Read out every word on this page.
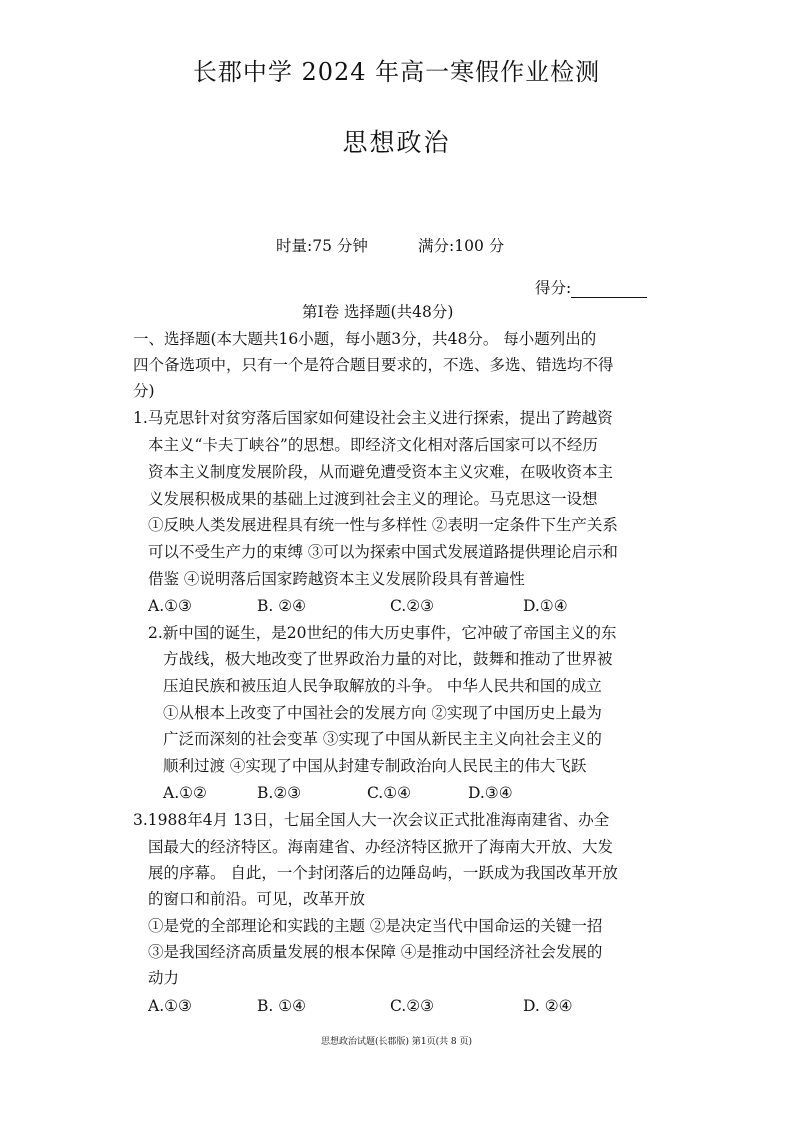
长郡中学 2024 年高一寒假作业检测
思想政治
时量:75 分钟	满分:100 分
得分:
第Ⅰ卷 选择题(共48分)
一、选择题(本大题共16小题，每小题3分，共48分。 每小题列出的
四个备选项中，只有一个是符合题目要求的，不选、多选、错选均不得
分)
1.马克思针对贫穷落后国家如何建设社会主义进行探索，提出了跨越资
本主义“卡夫丁峡谷”的思想。即经济文化相对落后国家可以不经历
资本主义制度发展阶段，从而避免遭受资本主义灾难，在吸收资本主
义发展积极成果的基础上过渡到社会主义的理论。马克思这一设想
①反映人类发展进程具有统一性与多样性 ②表明一定条件下生产关系
可以不受生产力的束缚 ③可以为探索中国式发展道路提供理论启示和
借鉴 ④说明落后国家跨越资本主义发展阶段具有普遍性
A.①③	B. ②④	C.②③	D.①④
2.新中国的诞生，是20世纪的伟大历史事件，它冲破了帝国主义的东
方战线，极大地改变了世界政治力量的对比，鼓舞和推动了世界被
压迫民族和被压迫人民争取解放的斗争。 中华人民共和国的成立
①从根本上改变了中国社会的发展方向 ②实现了中国历史上最为
广泛而深刻的社会变革 ③实现了中国从新民主主义向社会主义的
顺利过渡 ④实现了中国从封建专制政治向人民民主的伟大飞跃
A.①②	B.②③	C.①④	D.③④
3.1988年4月 13日，七届全国人大一次会议正式批准海南建省、办全
国最大的经济特区。海南建省、办经济特区掀开了海南大开放、大发
展的序幕。 自此，一个封闭落后的边陲岛屿，一跃成为我国改革开放
的窗口和前沿。可见，改革开放
①是党的全部理论和实践的主题 ②是决定当代中国命运的关键一招
③是我国经济高质量发展的根本保障 ④是推动中国经济社会发展的
动力
A.①③	B. ①④	C.②③	D. ②④
思想政治试题(长郡版) 第1页(共 8 页)
